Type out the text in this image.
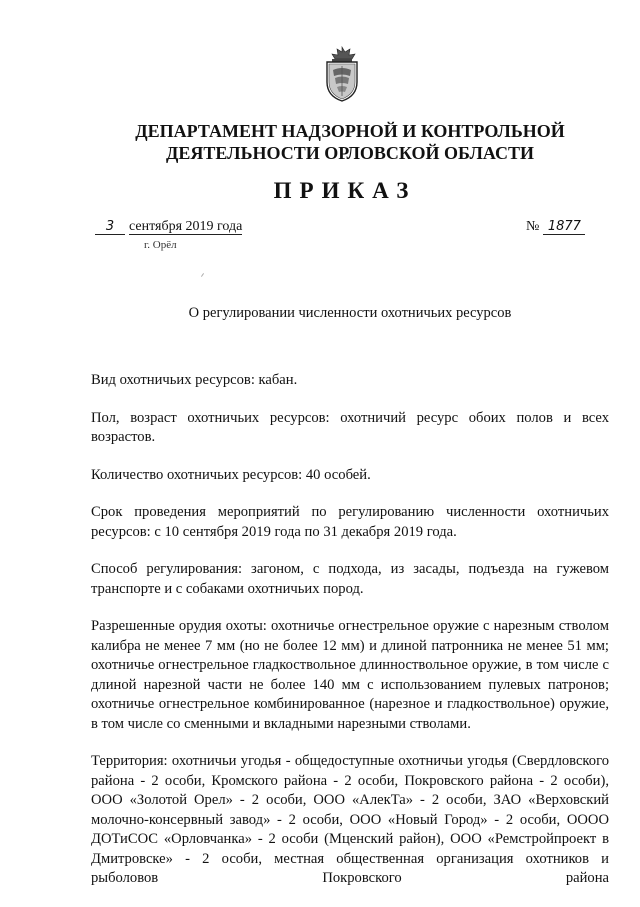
ДЕПАРТАМЕНТ НАДЗОРНОЙ И КОНТРОЛЬНОЙ
ДЕЯТЕЛЬНОСТИ ОРЛОВСКОЙ ОБЛАСТИ
ПРИКАЗ
3 сентября 2019 года
г. Орёл
№ 1877
О регулировании численности охотничьих ресурсов

Вид охотничьих ресурсов: кабан.

Пол, возраст охотничьих ресурсов: охотничий ресурс обоих полов и всех возрастов.

Количество охотничьих ресурсов: 40 особей.

Срок проведения мероприятий по регулированию численности охотничьих ресурсов: с 10 сентября 2019 года по 31 декабря 2019 года.

Способ регулирования: загоном, с подхода, из засады, подъезда на гужевом транспорте и с собаками охотничьих пород.

Разрешенные орудия охоты: охотничье огнестрельное оружие с нарезным стволом калибра не менее 7 мм (но не более 12 мм) и длиной патронника не менее 51 мм; охотничье огнестрельное гладкоствольное длинноствольное оружие, в том числе с длиной нарезной части не более 140 мм с использованием пулевых патронов; охотничье огнестрельное комбинированное (нарезное и гладкоствольное) оружие, в том числе со сменными и вкладными нарезными стволами.

Территория: охотничьи угодья - общедоступные охотничьи угодья (Свердловского района - 2 особи, Кромского района - 2 особи, Покровского района - 2 особи), ООО «Золотой Орел» - 2 особи, ООО «АлекТа» - 2 особи, ЗАО «Верховский молочно-консервный завод» - 2 особи, ООО «Новый Город» - 2 особи, ОООО ДОТиСОС «Орловчанка» - 2 особи (Мценский район), ООО «Ремстройпроект в Дмитровске» - 2 особи, местная общественная организация охотников и рыболовов Покровского района
